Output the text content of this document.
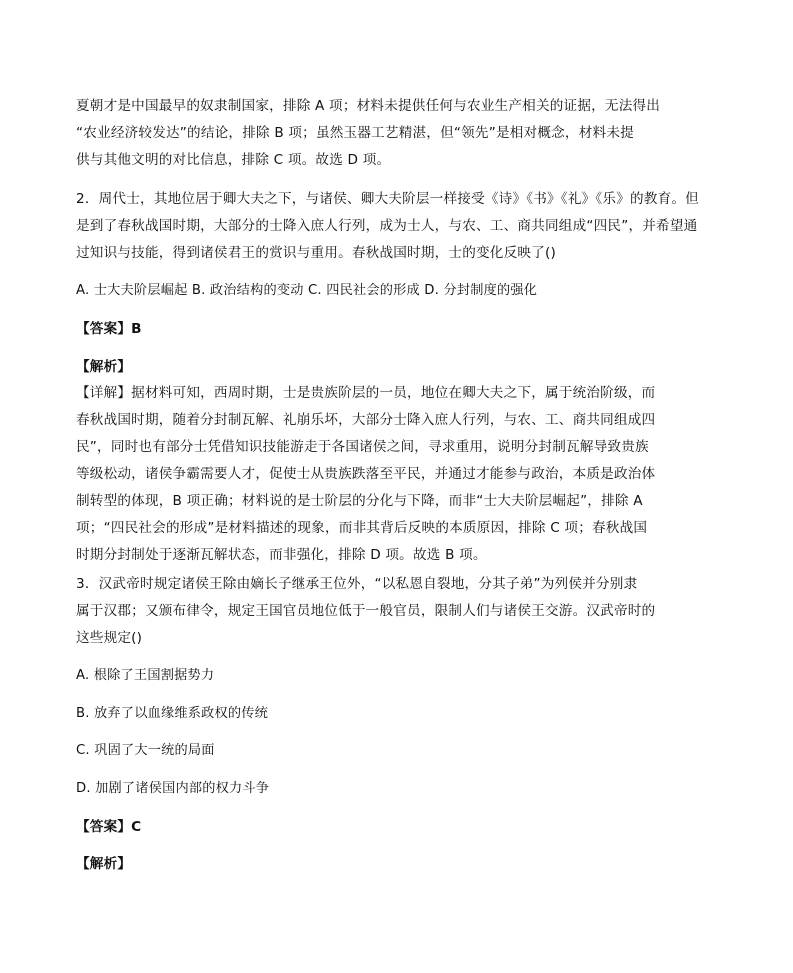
夏朝才是中国最早的奴隶制国家，排除 A 项；材料未提供任何与农业生产相关的证据，无法得出
“农业经济较发达”的结论，排除 B 项；虽然玉器工艺精湛，但“领先”是相对概念，材料未提
供与其他文明的对比信息，排除 C 项。故选 D 项。
2．周代士，其地位居于卿大夫之下，与诸侯、卿大夫阶层一样接受《诗》《书》《礼》《乐》的教育。但
是到了春秋战国时期，大部分的士降入庶人行列，成为士人，与农、工、商共同组成“四民”，并希望通
过知识与技能，得到诸侯君王的赏识与重用。春秋战国时期，士的变化反映了()
A. 士大夫阶层崛起 B. 政治结构的变动 C. 四民社会的形成 D. 分封制度的强化
【答案】B
【解析】
【详解】据材料可知，西周时期，士是贵族阶层的一员，地位在卿大夫之下，属于统治阶级，而
春秋战国时期，随着分封制瓦解、礼崩乐坏，大部分士降入庶人行列，与农、工、商共同组成四
民”，同时也有部分士凭借知识技能游走于各国诸侯之间，寻求重用，说明分封制瓦解导致贵族
等级松动，诸侯争霸需要人才，促使士从贵族跌落至平民，并通过才能参与政治，本质是政治体
制转型的体现，B 项正确；材料说的是士阶层的分化与下降，而非“士大夫阶层崛起”，排除 A
项；“四民社会的形成”是材料描述的现象，而非其背后反映的本质原因，排除 C 项；春秋战国
时期分封制处于逐渐瓦解状态，而非强化，排除 D 项。故选 B 项。
3．汉武帝时规定诸侯王除由嫡长子继承王位外，“以私恩自裂地，分其子弟”为列侯并分别隶
属于汉郡；又颁布律令，规定王国官员地位低于一般官员，限制人们与诸侯王交游。汉武帝时的
这些规定()
A. 根除了王国割据势力
B. 放弃了以血缘维系政权的传统
C. 巩固了大一统的局面
D. 加剧了诸侯国内部的权力斗争
【答案】C
【解析】
